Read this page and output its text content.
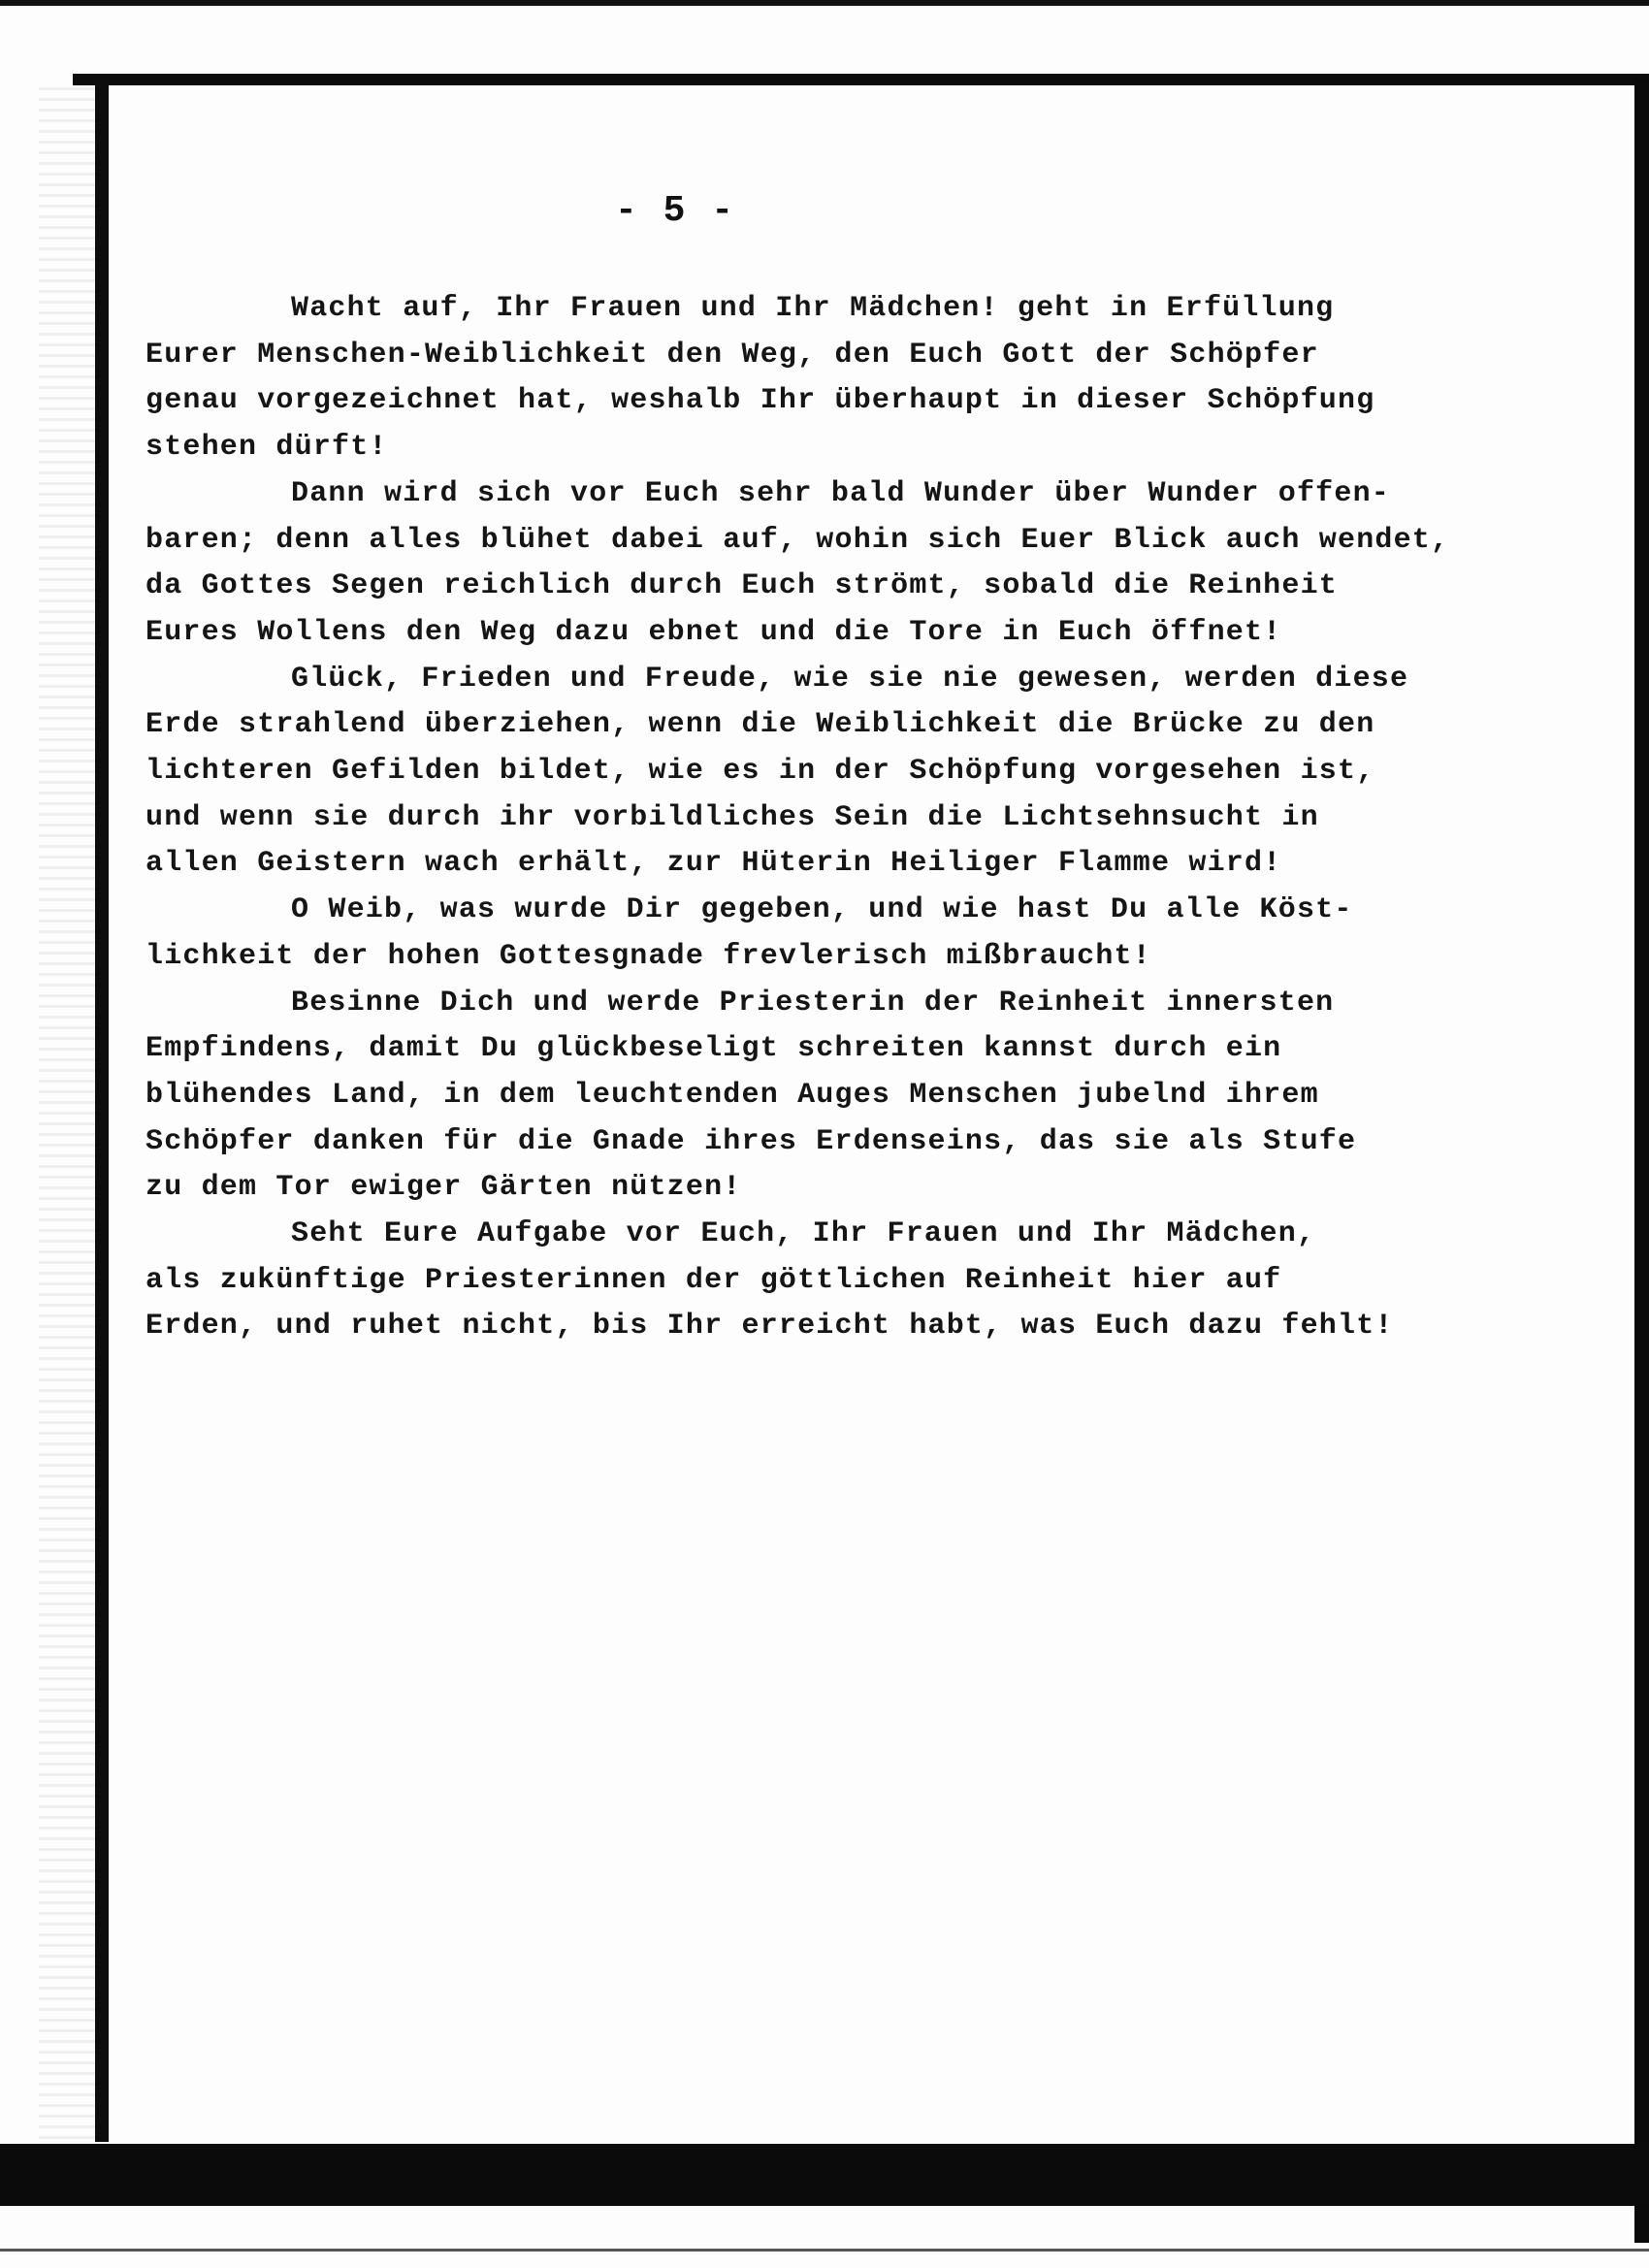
- 5 -

Wacht auf, Ihr Frauen und Ihr Mädchen! geht in Erfüllung
Eurer Menschen-Weiblichkeit den Weg, den Euch Gott der Schöpfer
genau vorgezeichnet hat, weshalb Ihr überhaupt in dieser Schöpfung
stehen dürft!

Dann wird sich vor Euch sehr bald Wunder über Wunder offen-
baren; denn alles blühet dabei auf, wohin sich Euer Blick auch wendet,
da Gottes Segen reichlich durch Euch strömt, sobald die Reinheit
Eures Wollens den Weg dazu ebnet und die Tore in Euch öffnet!

Glück, Frieden und Freude, wie sie nie gewesen, werden diese
Erde strahlend überziehen, wenn die Weiblichkeit die Brücke zu den
lichteren Gefilden bildet, wie es in der Schöpfung vorgesehen ist,
und wenn sie durch ihr vorbildliches Sein die Lichtsehnsucht in
allen Geistern wach erhält, zur Hüterin Heiliger Flamme wird!

O Weib, was wurde Dir gegeben, und wie hast Du alle Köst-
lichkeit der hohen Gottesgnade frevlerisch mißbraucht!

Besinne Dich und werde Priesterin der Reinheit innersten
Empfindens, damit Du glückbeseligt schreiten kannst durch ein
blühendes Land, in dem leuchtenden Auges Menschen jubelnd ihrem
Schöpfer danken für die Gnade ihres Erdenseins, das sie als Stufe
zu dem Tor ewiger Gärten nützen!

Seht Eure Aufgabe vor Euch, Ihr Frauen und Ihr Mädchen,
als zukünftige Priesterinnen der göttlichen Reinheit hier auf
Erden, und ruhet nicht, bis Ihr erreicht habt, was Euch dazu fehlt!
